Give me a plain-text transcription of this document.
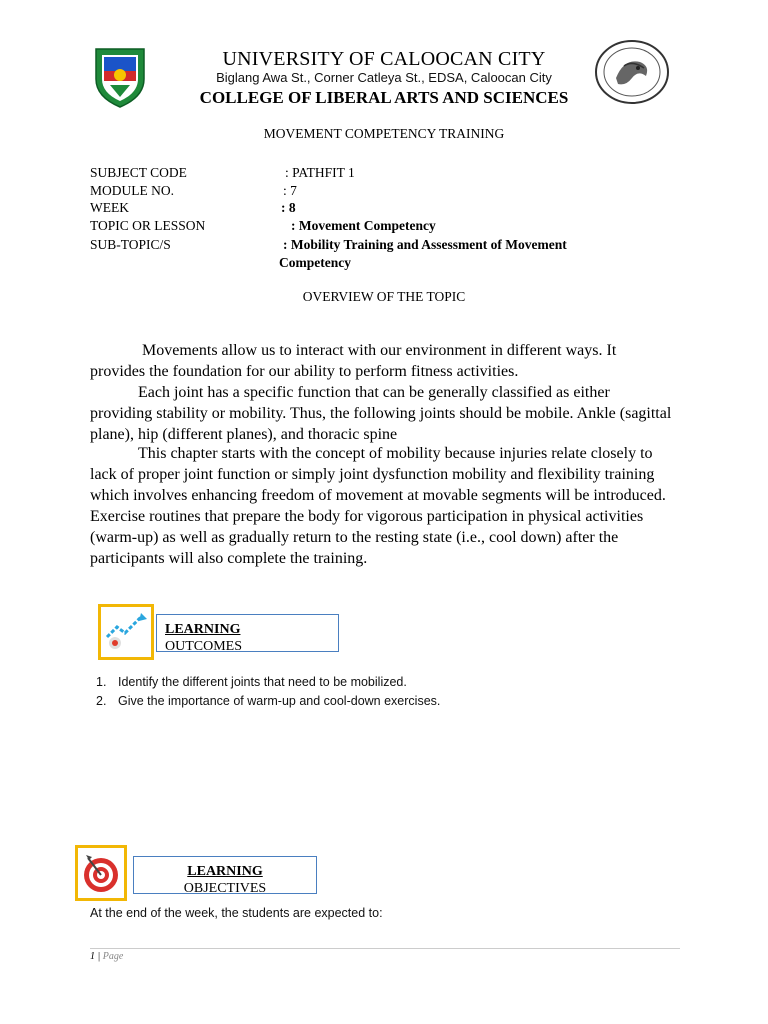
UNIVERSITY OF CALOOCAN CITY
Biglang Awa St., Corner Catleya St., EDSA, Caloocan City
COLLEGE OF LIBERAL ARTS AND SCIENCES
MOVEMENT COMPETENCY TRAINING
SUBJECT CODE	: PATHFIT 1
MODULE NO.	: 7
WEEK	: 8
TOPIC OR LESSON	: Movement Competency
SUB-TOPIC/S	: Mobility Training and Assessment of Movement
Competency
OVERVIEW OF THE TOPIC
Movements allow us to interact with our environment in different ways. It provides the foundation for our ability to perform fitness activities.
Each joint has a specific function that can be generally classified as either providing stability or mobility. Thus, the following joints should be mobile. Ankle (sagittal plane), hip (different planes), and thoracic spine
This chapter starts with the concept of mobility because injuries relate closely to lack of proper joint function or simply joint dysfunction mobility and flexibility training which involves enhancing freedom of movement at movable segments will be introduced. Exercise routines that prepare the body for vigorous participation in physical activities (warm-up) as well as gradually return to the resting state (i.e., cool down) after the participants will also complete the training.
LEARNING
OUTCOMES
1. Identify the different joints that need to be mobilized.
2. Give the importance of warm-up and cool-down exercises.
LEARNING
OBJECTIVES
At the end of the week, the students are expected to:
1 | Page
